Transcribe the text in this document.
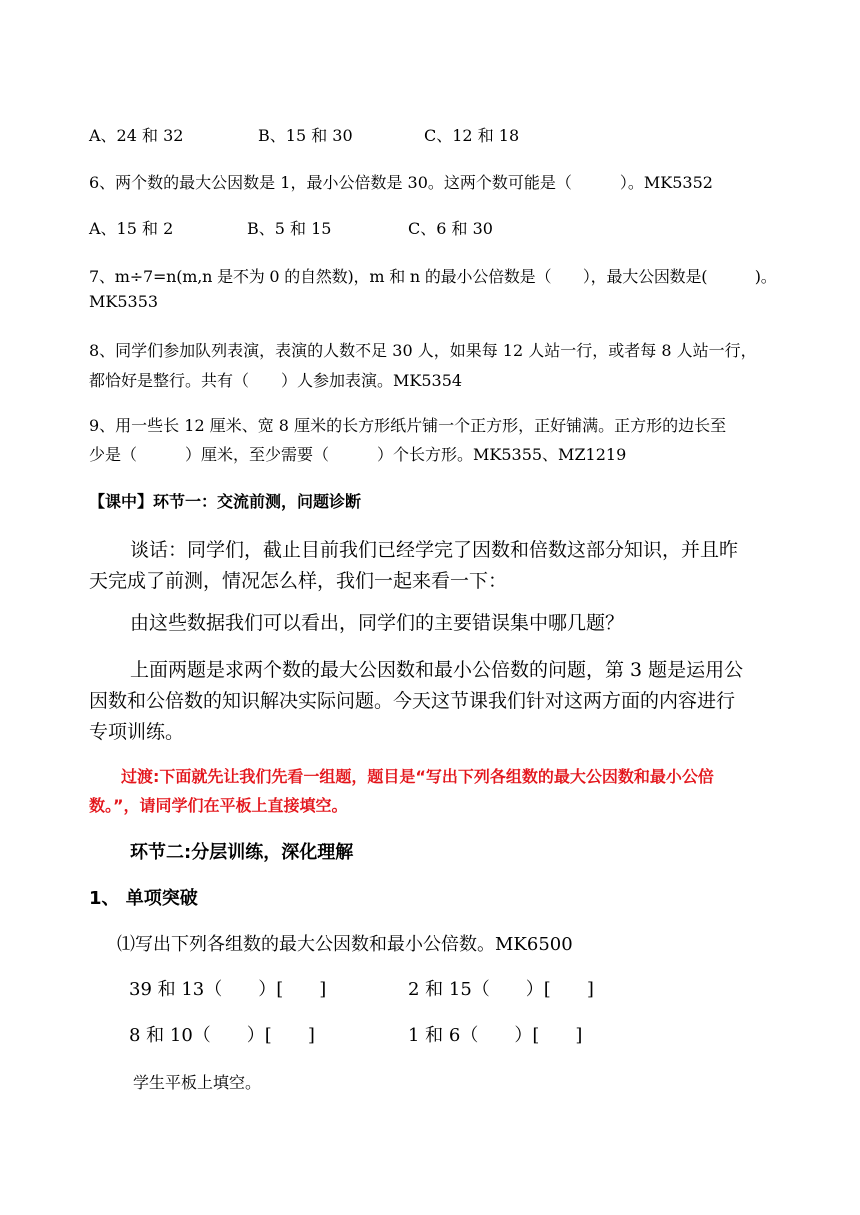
A、24 和 32	B、15 和 30	C、12 和 18
6、两个数的最大公因数是 1，最小公倍数是 30。这两个数可能是（　　　）。MK5352
A、15 和 2	B、5 和 15	C、6 和 30
7、m÷7=n(m,n 是不为 0 的自然数)，m 和 n 的最小公倍数是（　　），最大公因数是(　　　)。
MK5353
8、同学们参加队列表演，表演的人数不足 30 人，如果每 12 人站一行，或者每 8 人站一行，
都恰好是整行。共有（　　）人参加表演。MK5354
9、用一些长 12 厘米、宽 8 厘米的长方形纸片铺一个正方形，正好铺满。正方形的边长至
少是（　　　）厘米，至少需要（　　　）个长方形。MK5355、MZ1219
【课中】环节一：交流前测，问题诊断
谈话：同学们，截止目前我们已经学完了因数和倍数这部分知识，并且昨
天完成了前测，情况怎么样，我们一起来看一下：
由这些数据我们可以看出，同学们的主要错误集中哪几题？
上面两题是求两个数的最大公因数和最小公倍数的问题，第 3 题是运用公
因数和公倍数的知识解决实际问题。今天这节课我们针对这两方面的内容进行
专项训练。
过渡:下面就先让我们先看一组题，题目是“写出下列各组数的最大公因数和最小公倍
数。”，请同学们在平板上直接填空。
环节二:分层训练，深化理解
1、 单项突破
⑴写出下列各组数的最大公因数和最小公倍数。MK6500
39 和 13（　　）[　　]	2 和 15（　　）[　　]
8 和 10（　　）[　　]	1 和 6（　　）[　　]
学生平板上填空。
